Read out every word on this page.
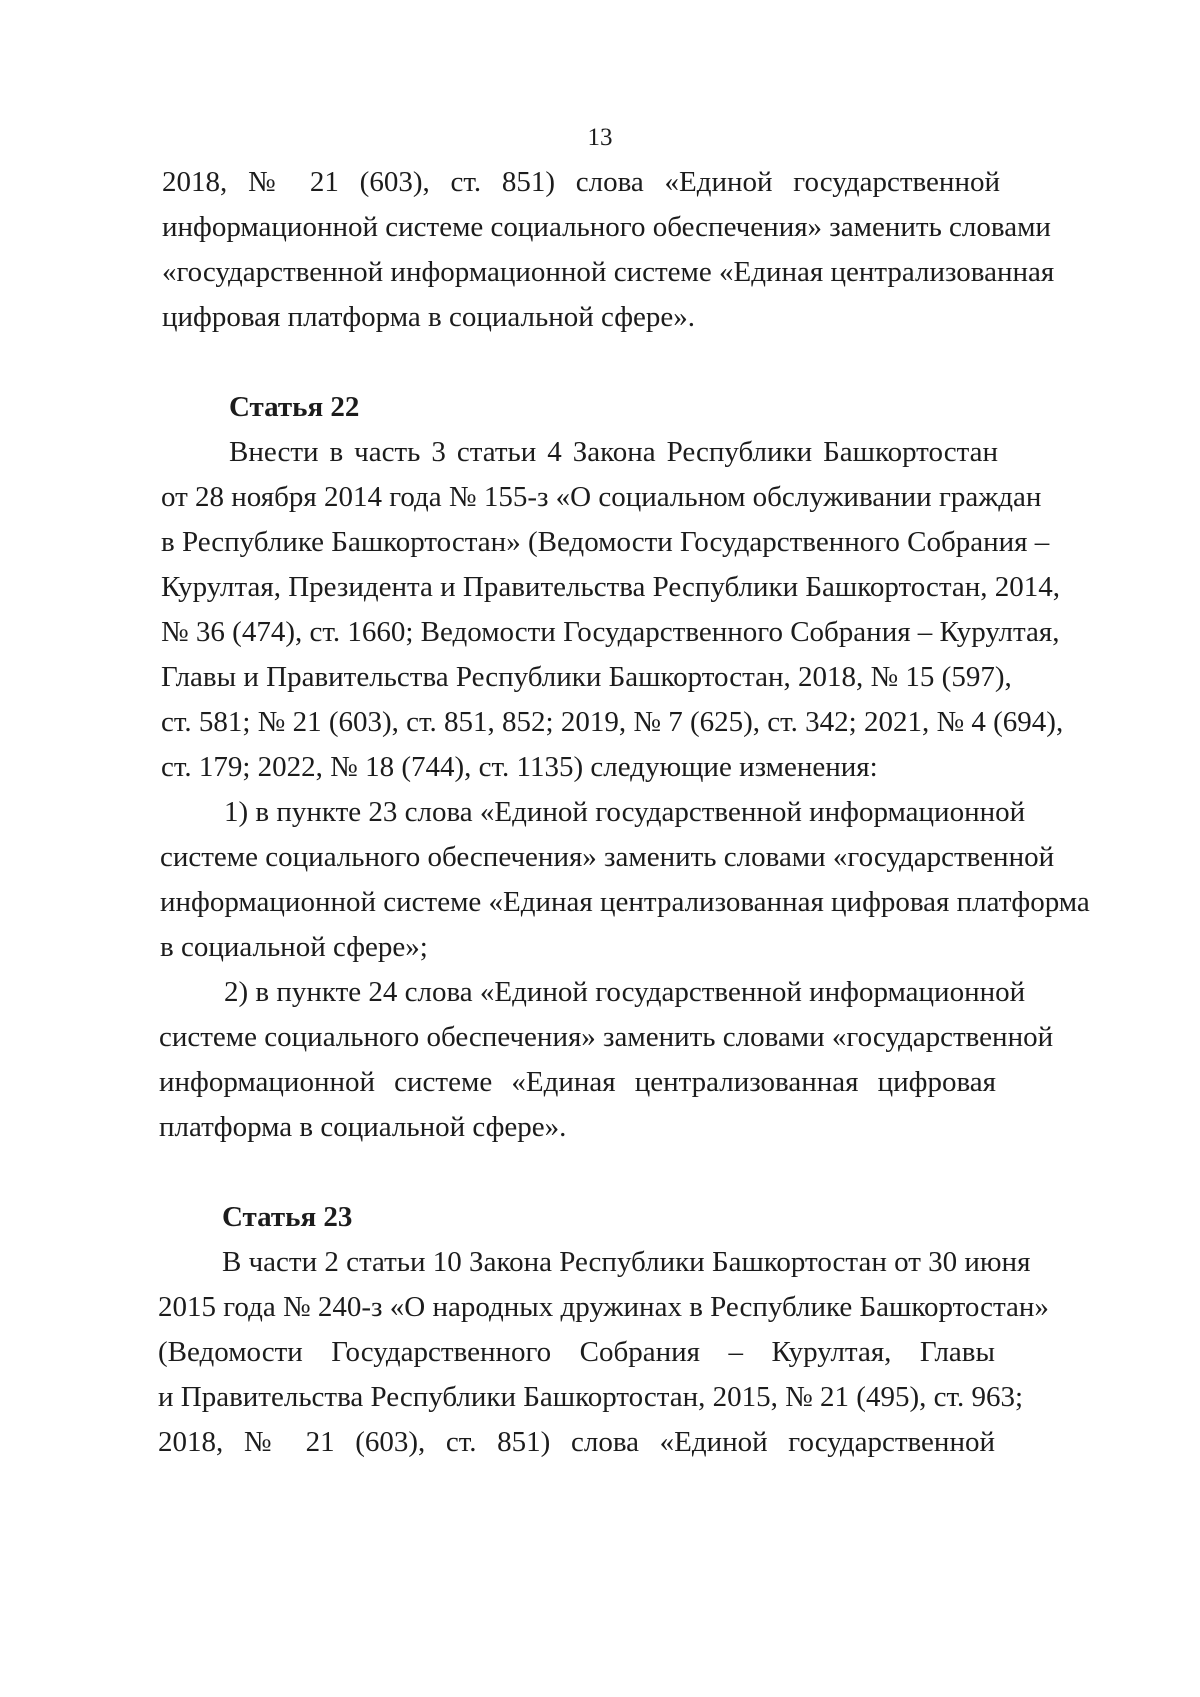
13
2018, № 21 (603), ст. 851) слова «Единой государственной
информационной системе социального обеспечения» заменить словами
«государственной информационной системе «Единая централизованная
цифровая платформа в социальной сфере».
Статья 22
Внести в часть 3 статьи 4 Закона Республики Башкортостан
от 28 ноября 2014 года № 155-з «О социальном обслуживании граждан
в Республике Башкортостан» (Ведомости Государственного Собрания –
Курултая, Президента и Правительства Республики Башкортостан, 2014,
№ 36 (474), ст. 1660; Ведомости Государственного Собрания – Курултая,
Главы и Правительства Республики Башкортостан, 2018, № 15 (597),
ст. 581; № 21 (603), ст. 851, 852; 2019, № 7 (625), ст. 342; 2021, № 4 (694),
ст. 179; 2022, № 18 (744), ст. 1135) следующие изменения:
1) в пункте 23 слова «Единой государственной информационной
системе социального обеспечения» заменить словами «государственной
информационной системе «Единая централизованная цифровая платформа
в социальной сфере»;
2) в пункте 24 слова «Единой государственной информационной
системе социального обеспечения» заменить словами «государственной
информационной системе «Единая централизованная цифровая
платформа в социальной сфере».
Статья 23
В части 2 статьи 10 Закона Республики Башкортостан от 30 июня
2015 года № 240-з «О народных дружинах в Республике Башкортостан»
(Ведомости Государственного Собрания – Курултая, Главы
и Правительства Республики Башкортостан, 2015, № 21 (495), ст. 963;
2018, № 21 (603), ст. 851) слова «Единой государственной
